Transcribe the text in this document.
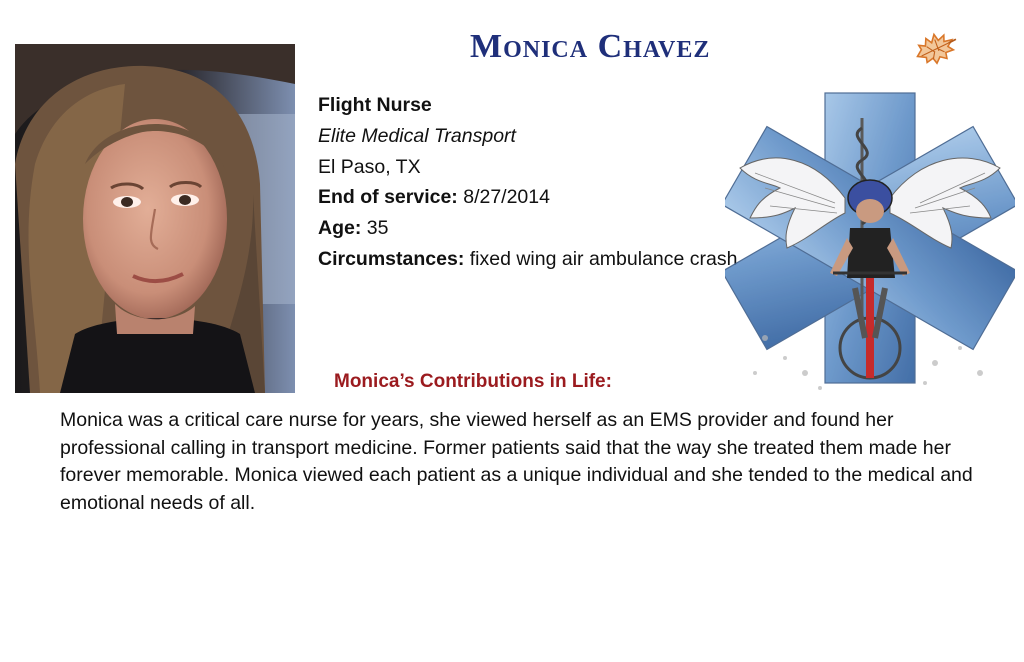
Monica Chavez
Flight Nurse
Elite Medical Transport
El Paso, TX
End of service: 8/27/2014
Age: 35
Circumstances: fixed wing air ambulance crash
Monica’s Contributions in Life:
Monica was a critical care nurse for years, she viewed herself as an EMS provider and found her professional calling in transport medicine. Former patients said that the way she treated them made her forever memorable. Monica viewed each patient as a unique individual and she tended to the medical and emotional needs of all.
